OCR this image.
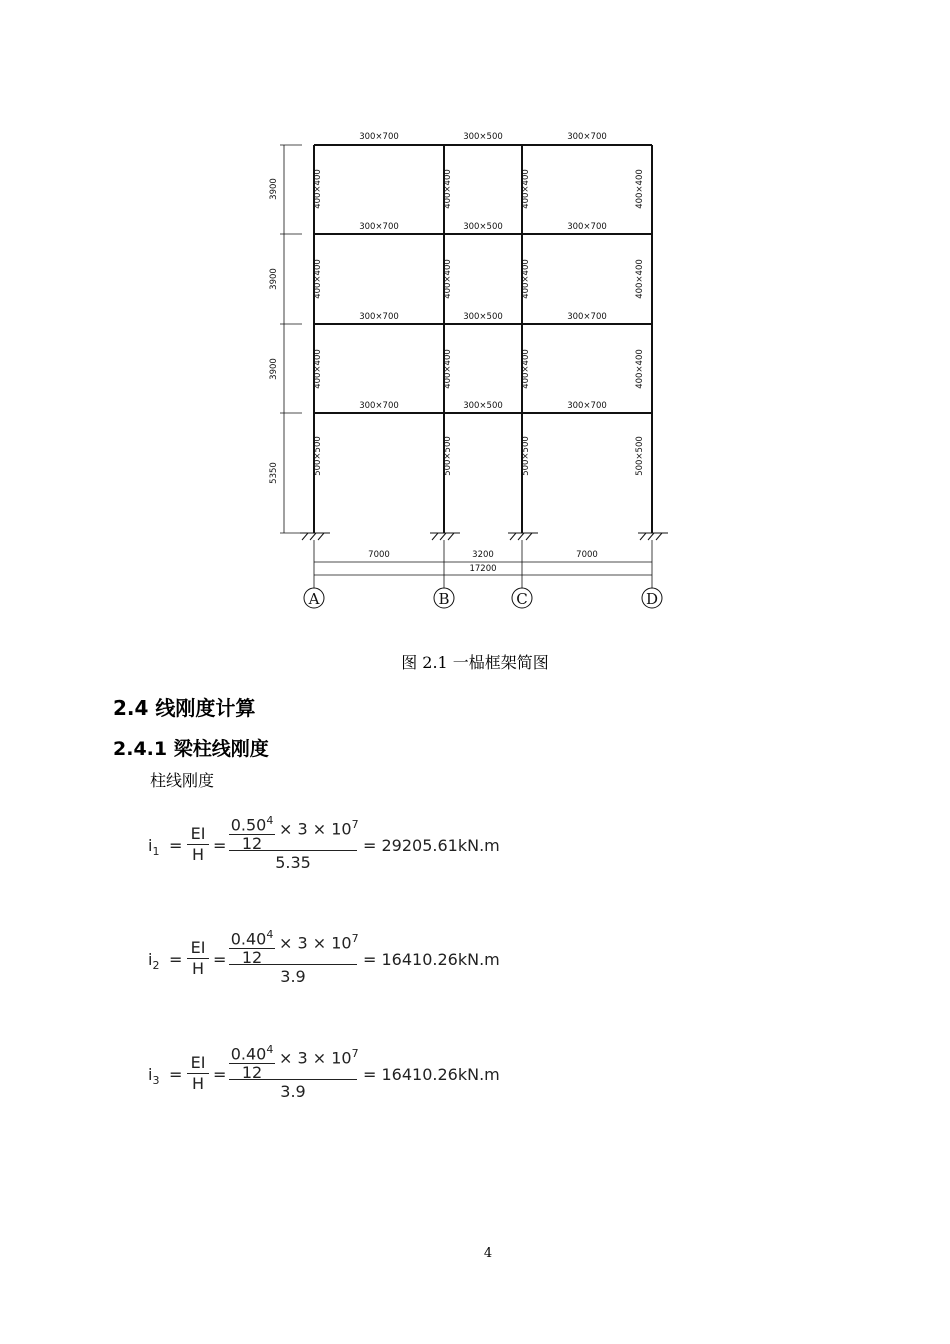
300×700	300×500	300×700
300×700	300×500	300×700
300×700	300×500	300×700
300×700	300×500	300×700
400×400	400×400	400×400	400×400
400×400	400×400	400×400	400×400
400×400	400×400	400×400	400×400
500×500	500×500	500×500	500×500
3900
3900
3900
5350
7000	3200	7000
17200
A	B	C	D
图 2.1 一榀框架简图
2.4 线刚度计算
2.4.1 梁柱线刚度
柱线刚度
$i_1 = \frac{EI}{H}$ =
$0.50^4$
12
× $3 \times 10^7$
5.35
= 29205.61kN.m
$i_2 = \frac{EI}{H}$ =
$0.40^4$
12
× $3 \times 10^7$
3.9
= 16410.26kN.m
$i_3 = \frac{EI}{H}$ =
$0.40^4$
12
× $3 \times 10^7$
3.9
= 16410.26kN.m
4
